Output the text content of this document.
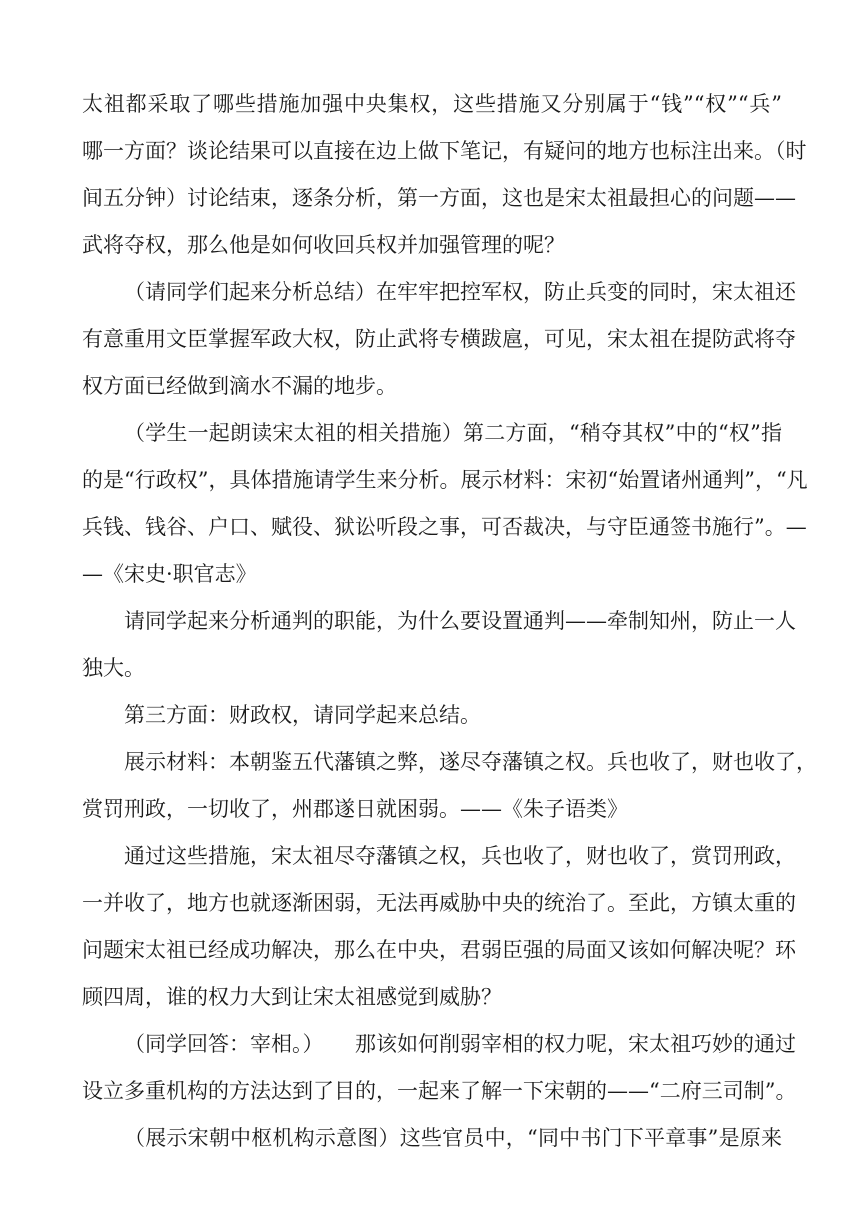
太祖都采取了哪些措施加强中央集权，这些措施又分别属于“钱”“权”“兵”
哪一方面？谈论结果可以直接在边上做下笔记，有疑问的地方也标注出来。（时
间五分钟）讨论结束，逐条分析，第一方面，这也是宋太祖最担心的问题——
武将夺权，那么他是如何收回兵权并加强管理的呢？
（请同学们起来分析总结）在牢牢把控军权，防止兵变的同时，宋太祖还
有意重用文臣掌握军政大权，防止武将专横跋扈，可见，宋太祖在提防武将夺
权方面已经做到滴水不漏的地步。
（学生一起朗读宋太祖的相关措施）第二方面，“稍夺其权”中的“权”指
的是“行政权”，具体措施请学生来分析。展示材料：宋初“始置诸州通判”，“凡
兵钱、钱谷、户口、赋役、狱讼听段之事，可否裁决，与守臣通签书施行”。—
—《宋史·职官志》
请同学起来分析通判的职能，为什么要设置通判——牵制知州，防止一人
独大。
第三方面：财政权，请同学起来总结。
展示材料：本朝鉴五代藩镇之弊，遂尽夺藩镇之权。兵也收了，财也收了，
赏罚刑政，一切收了，州郡遂日就困弱。——《朱子语类》
通过这些措施，宋太祖尽夺藩镇之权，兵也收了，财也收了，赏罚刑政，
一并收了，地方也就逐渐困弱，无法再威胁中央的统治了。至此，方镇太重的
问题宋太祖已经成功解决，那么在中央，君弱臣强的局面又该如何解决呢？环
顾四周，谁的权力大到让宋太祖感觉到威胁？
（同学回答：宰相。）　　那该如何削弱宰相的权力呢，宋太祖巧妙的通过
设立多重机构的方法达到了目的，一起来了解一下宋朝的——“二府三司制”。
（展示宋朝中枢机构示意图）这些官员中，“同中书门下平章事”是原来
